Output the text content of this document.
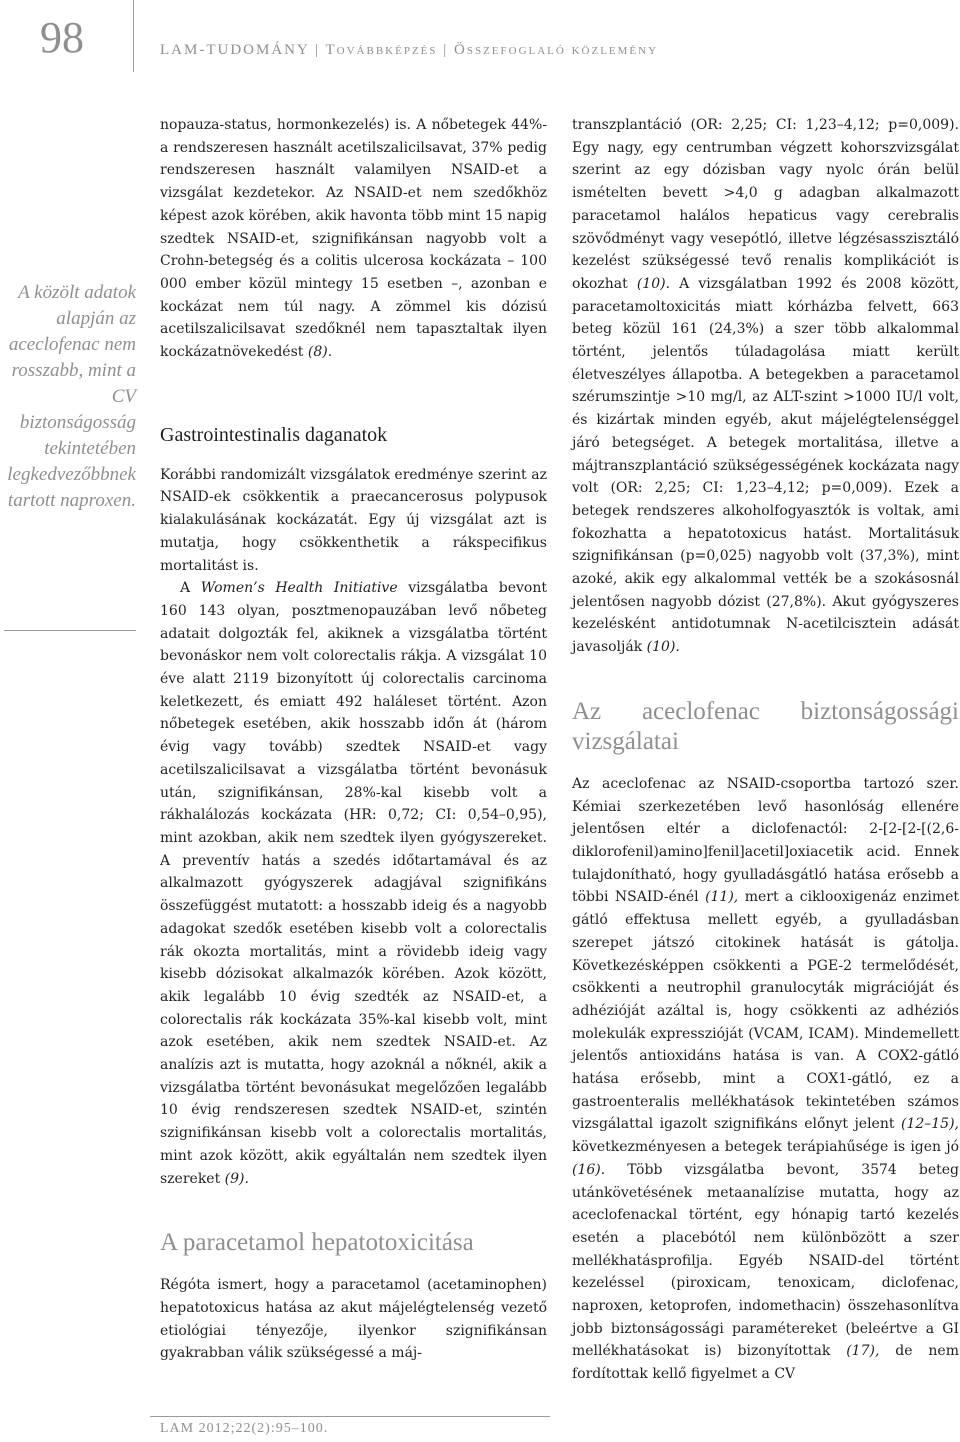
98	LAM-TUDOMÁNY | Továbbképzés | Összefoglaló közlemény
A közölt adatok alapján az aceclofenac nem rosszabb, mint a CV biztonságosság tekintetében legkedvezőbbnek tartott naproxen.

nopauza-status, hormonkezelés) is. A nőbetegek 44%-a rendszeresen használt acetilszalicilsavat, 37% pedig rendszeresen használt valamilyen NSAID-et a vizsgálat kezdetekor. Az NSAID-et nem szedőkhöz képest azok körében, akik havonta több mint 15 napig szedtek NSAID-et, szignifikánsan nagyobb volt a Crohn-betegség és a colitis ulcerosa kockázata – 100 000 ember közül mintegy 15 esetben –, azonban e kockázat nem túl nagy. A zömmel kis dózisú acetilszalicilsavat szedőknél nem tapasztaltak ilyen kockázatnövekedést (8).

Gastrointestinalis daganatok

Korábbi randomizált vizsgálatok eredménye szerint az NSAID-ek csökkentik a praecancerosus polypusok kialakulásának kockázatát. Egy új vizsgálat azt is mutatja, hogy csökkenthetik a rákspecifikus mortalitást is.

A Women’s Health Initiative vizsgálatba bevont 160 143 olyan, posztmenopauzában levő nőbeteg adatait dolgozták fel, akiknek a vizsgálatba történt bevonáskor nem volt colorectalis rákja. A vizsgálat 10 éve alatt 2119 bizonyított új colorectalis carcinoma keletkezett, és emiatt 492 haláleset történt. Azon nőbetegek esetében, akik hosszabb időn át (három évig vagy tovább) szedtek NSAID-et vagy acetilszalicilsavat a vizsgálatba történt bevonásuk után, szignifikánsan, 28%-kal kisebb volt a rákhalálozás kockázata (HR: 0,72; CI: 0,54–0,95), mint azokban, akik nem szedtek ilyen gyógyszereket. A preventív hatás a szedés időtartamával és az alkalmazott gyógyszerek adagjával szignifikáns összefüggést mutatott: a hosszabb ideig és a nagyobb adagokat szedők esetében kisebb volt a colorectalis rák okozta mortalitás, mint a rövidebb ideig vagy kisebb dózisokat alkalmazók körében. Azok között, akik legalább 10 évig szedték az NSAID-et, a colorectalis rák kockázata 35%-kal kisebb volt, mint azok esetében, akik nem szedtek NSAID-et. Az analízis azt is mutatta, hogy azoknál a nőknél, akik a vizsgálatba történt bevonásukat megelőzően legalább 10 évig rendszeresen szedtek NSAID-et, szintén szignifikánsan kisebb volt a colorectalis mortalitás, mint azok között, akik egyáltalán nem szedtek ilyen szereket (9).

A paracetamol hepatotoxicitása

Régóta ismert, hogy a paracetamol (acetaminophen) hepatotoxicus hatása az akut májelégtelenség vezető etiológiai tényezője, ilyenkor szignifikánsan gyakrabban válik szükségessé a máj-

transzplantáció (OR: 2,25; CI: 1,23–4,12; p=0,009). Egy nagy, egy centrumban végzett kohorszvizsgálat szerint az egy dózisban vagy nyolc órán belül ismételten bevett >4,0 g adagban alkalmazott paracetamol halálos hepaticus vagy cerebralis szövődményt vagy vesepótló, illetve légzésasszisztáló kezelést szükségessé tevő renalis komplikációt is okozhat (10). A vizsgálatban 1992 és 2008 között, paracetamoltoxicitás miatt kórházba felvett, 663 beteg közül 161 (24,3%) a szer több alkalommal történt, jelentős túladagolása miatt került életveszélyes állapotba. A betegekben a paracetamol szérumszintje >10 mg/l, az ALT-szint >1000 IU/l volt, és kizártak minden egyéb, akut májelégtelenséggel járó betegséget. A betegek mortalitása, illetve a májtranszplantáció szükségességének kockázata nagy volt (OR: 2,25; CI: 1,23–4,12; p=0,009). Ezek a betegek rendszeres alkoholfogyasztók is voltak, ami fokozhatta a hepatotoxicus hatást. Mortalitásuk szignifikánsan (p=0,025) nagyobb volt (37,3%), mint azoké, akik egy alkalommal vették be a szokásosnál jelentősen nagyobb dózist (27,8%). Akut gyógyszeres kezelésként antidotumnak N-acetilcisztein adását javasolják (10).

Az aceclofenac biztonságossági vizsgálatai

Az aceclofenac az NSAID-csoportba tartozó szer. Kémiai szerkezetében levő hasonlóság ellenére jelentősen eltér a diclofenactól: 2-[2-[2-[(2,6-diklorofenil)amino]fenil]acetil]oxiacetik acid. Ennek tulajdonítható, hogy gyulladásgátló hatása erősebb a többi NSAID-énél (11), mert a ciklooxigenáz enzimet gátló effektusa mellett egyéb, a gyulladásban szerepet játszó citokinek hatását is gátolja. Következésképpen csökkenti a PGE-2 termelődését, csökkenti a neutrophil granulocyták migrációját és adhézióját azáltal is, hogy csökkenti az adhéziós molekulák expresszióját (VCAM, ICAM). Mindemellett jelentős antioxidáns hatása is van. A COX2-gátló hatása erősebb, mint a COX1-gátló, ez a gastroenteralis mellékhatások tekintetében számos vizsgálattal igazolt szignifikáns előnyt jelent (12–15), következményesen a betegek terápiahűsége is igen jó (16). Több vizsgálatba bevont, 3574 beteg utánkövetésének metaanalízise mutatta, hogy az aceclofenackal történt, egy hónapig tartó kezelés esetén a placebótól nem különbözött a szer mellékhatásprofilja. Egyéb NSAID-del történt kezeléssel (piroxicam, tenoxicam, diclofenac, naproxen, ketoprofen, indomethacin) összehasonlítva jobb biztonságossági paramétereket (beleértve a GI mellékhatásokat is) bizonyítottak (17), de nem fordítottak kellő figyelmet a CV

LAM 2012;22(2):95–100.
